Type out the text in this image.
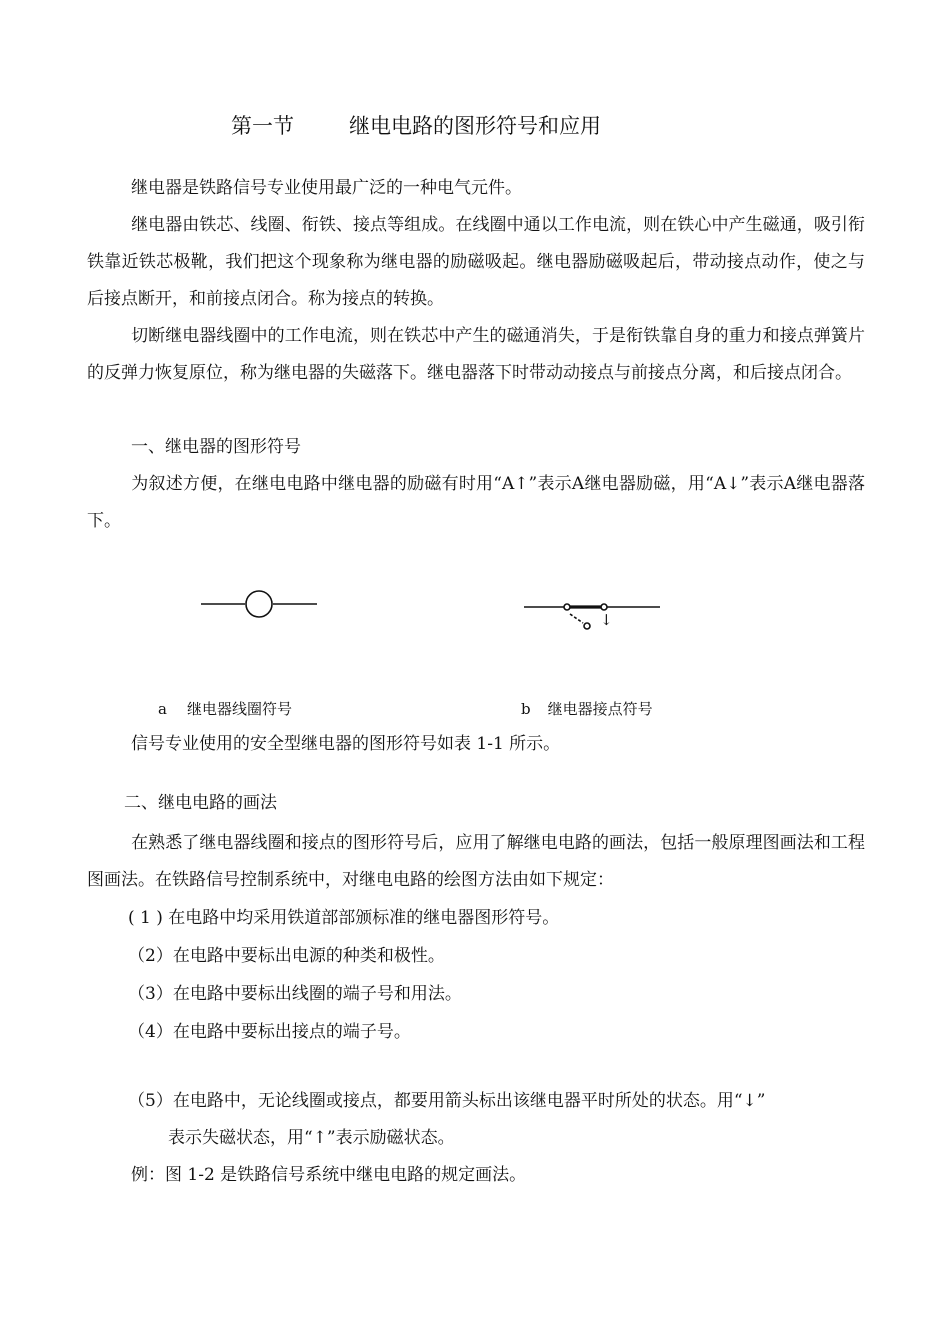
第一节	继电电路的图形符号和应用
继电器是铁路信号专业使用最广泛的一种电气元件。
继电器由铁芯、线圈、衔铁、接点等组成。在线圈中通以工作电流，则在铁心中产生磁通，吸引衔铁靠近铁芯极靴，我们把这个现象称为继电器的励磁吸起。继电器励磁吸起后，带动接点动作，使之与后接点断开，和前接点闭合。称为接点的转换。
切断继电器线圈中的工作电流，则在铁芯中产生的磁通消失，于是衔铁靠自身的重力和接点弹簧片的反弹力恢复原位，称为继电器的失磁落下。继电器落下时带动动接点与前接点分离，和后接点闭合。
一、继电器的图形符号
为叙述方便，在继电电路中继电器的励磁有时用“A↑”表示A继电器励磁，用“A↓”表示A继电器落下。
↓
a 继电器线圈符号	b 继电器接点符号
信号专业使用的安全型继电器的图形符号如表 1-1 所示。
二、继电电路的画法
在熟悉了继电器线圈和接点的图形符号后，应用了解继电电路的画法，包括一般原理图画法和工程图画法。在铁路信号控制系统中，对继电电路的绘图方法由如下规定：
( 1 ) 在电路中均采用铁道部部颁标准的继电器图形符号。
（2）在电路中要标出电源的种类和极性。
（3）在电路中要标出线圈的端子号和用法。
（4）在电路中要标出接点的端子号。
（5）在电路中，无论线圈或接点，都要用箭头标出该继电器平时所处的状态。用“↓”
表示失磁状态，用“↑”表示励磁状态。
例：图 1-2 是铁路信号系统中继电电路的规定画法。
